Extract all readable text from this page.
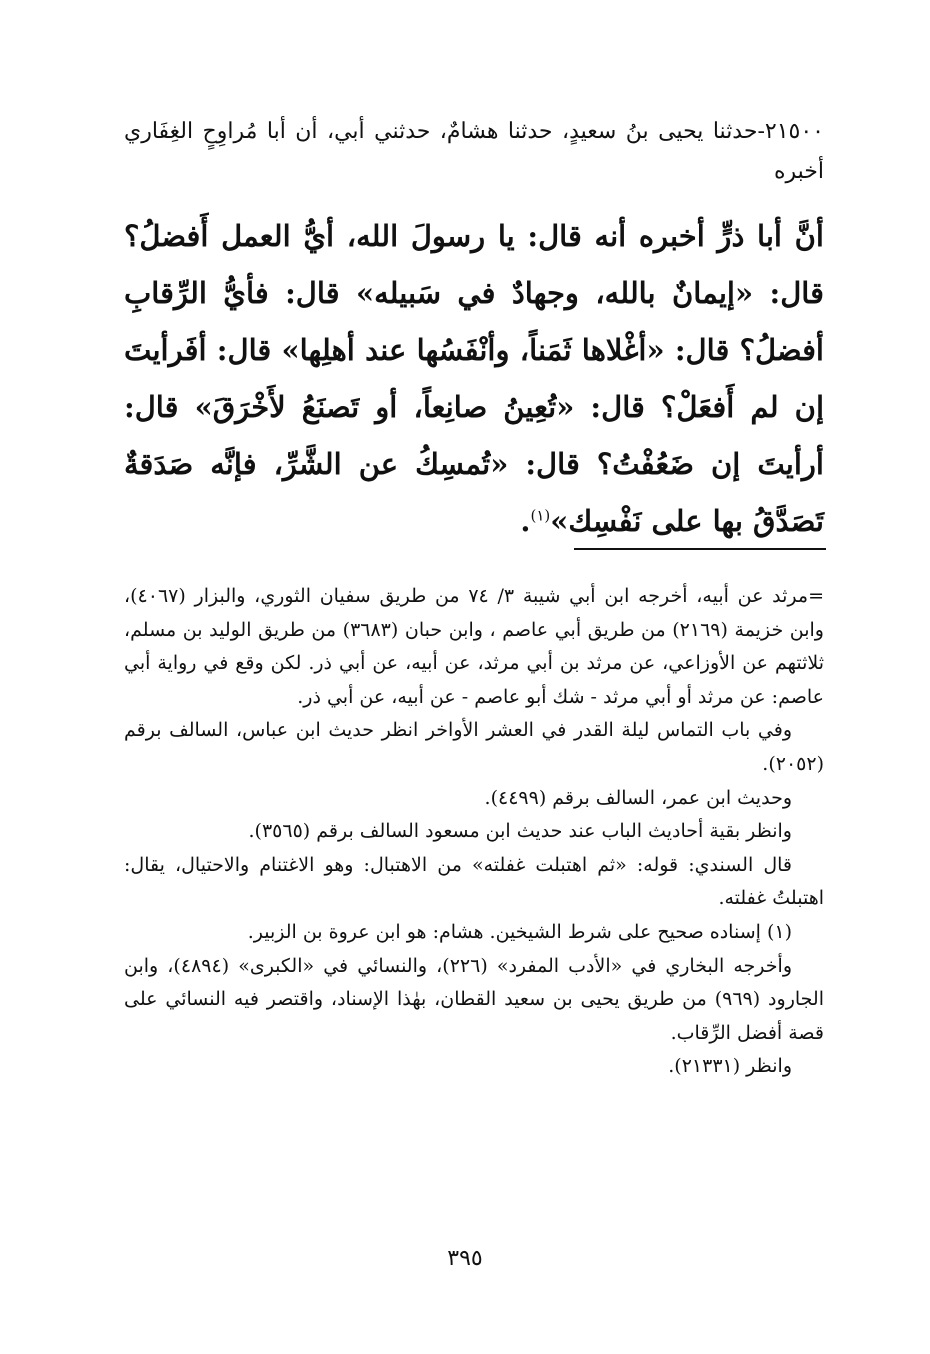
٢١٥٠٠-حدثنا يحيى بنُ سعيدٍ، حدثنا هشامٌ، حدثني أبي، أن أبا مُراوِحٍ الغِفَاري أخبره
أنَّ أبا ذرٍّ أخبره أنه قال: يا رسولَ الله، أيُّ العمل أَفضلُ؟ قال: «إيمانٌ بالله، وجهادٌ في سَبيله» قال: فأيُّ الرِّقابِ أفضلُ؟ قال: «أغْلاها ثَمَناً، وأنْفَسُها عند أهلِها» قال: أفَرأيتَ إن لم أَفعَلْ؟ قال: «تُعِينُ صانِعاً، أو تَصنَعُ لأَخْرَقَ» قال: أرأيتَ إن ضَعُفْتُ؟ قال: «تُمسِكُ عن الشَّرِّ، فإنَّه صَدَقةٌ تَصَدَّقُ بها على نَفْسِك»$^{(١)}$.

=مرثد عن أبيه، أخرجه ابن أبي شيبة ٣/ ٧٤ من طريق سفيان الثوري، والبزار (٤٠٦٧)، وابن خزيمة (٢١٦٩) من طريق أبي عاصم ، وابن حبان (٣٦٨٣) من طريق الوليد بن مسلم، ثلاثتهم عن الأوزاعي، عن مرثد بن أبي مرثد، عن أبيه، عن أبي ذر. لكن وقع في رواية أبي عاصم: عن مرثد أو أبي مرثد - شك أبو عاصم - عن أبيه، عن أبي ذر.

وفي باب التماس ليلة القدر في العشر الأواخر انظر حديث ابن عباس، السالف برقم (٢٠٥٢).

وحديث ابن عمر، السالف برقم (٤٤٩٩).

وانظر بقية أحاديث الباب عند حديث ابن مسعود السالف برقم (٣٥٦٥).

قال السندي: قوله: «ثم اهتبلت غفلته» من الاهتبال: وهو الاغتنام والاحتيال، يقال: اهتبلتُ غفلته.

(١) إسناده صحيح على شرط الشيخين. هشام: هو ابن عروة بن الزبير.

وأخرجه البخاري في «الأدب المفرد» (٢٢٦)، والنسائي في «الكبرى» (٤٨٩٤)، وابن الجارود (٩٦٩) من طريق يحيى بن سعيد القطان، بهٰذا الإسناد، واقتصر فيه النسائي على قصة أفضل الرِّقاب.

وانظر (٢١٣٣١).

٣٩٥
